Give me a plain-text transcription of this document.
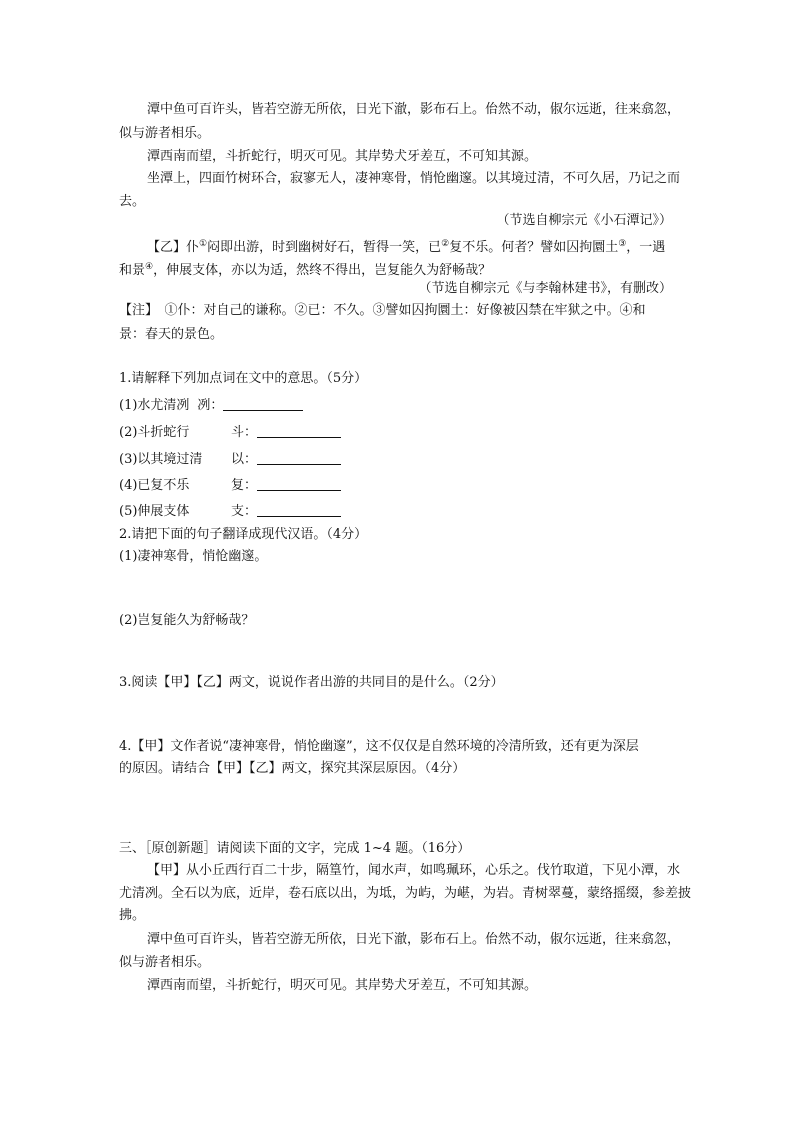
潭中鱼可百许头，皆若空游无所依，日光下澈，影布石上。佁然不动，俶尔远逝，往来翕忽，
似与游者相乐。
潭西南而望，斗折蛇行，明灭可见。其岸势犬牙差互，不可知其源。
坐潭上，四面竹树环合，寂寥无人，凄神寒骨，悄怆幽邃。以其境过清，不可久居，乃记之而
去。
（节选自柳宗元《小石潭记》）
【乙】仆①闷即出游，时到幽树好石，暂得一笑，已②复不乐。何者？譬如囚拘圜土③，一遇
和景④，伸展支体，亦以为适，然终不得出，岂复能久为舒畅哉？
（节选自柳宗元《与李翰林建书》，有删改）
【注】　①仆：对自己的谦称。②已：不久。③譬如囚拘圜土：好像被囚禁在牢狱之中。④和
景：春天的景色。
1.请解释下列加点词在文中的意思。（5分）
(1)水尤清冽 冽：
(2)斗折蛇行	斗：
(3)以其境过清 以：
(4)已复不乐	复：
(5)伸展支体	支：
2.请把下面的句子翻译成现代汉语。（4分）
(1)凄神寒骨，悄怆幽邃。
(2)岂复能久为舒畅哉？
3.阅读【甲】【乙】两文，说说作者出游的共同目的是什么。（2分）
4.【甲】文作者说“凄神寒骨，悄怆幽邃”，这不仅仅是自然环境的冷清所致，还有更为深层
的原因。请结合【甲】【乙】两文，探究其深层原因。（4分）
三、［原创新题］请阅读下面的文字，完成 1~4 题。（16分）
【甲】从小丘西行百二十步，隔篁竹，闻水声，如鸣珮环，心乐之。伐竹取道，下见小潭，水
尤清冽。全石以为底，近岸，卷石底以出，为坻，为屿，为嵁，为岩。青树翠蔓，蒙络摇缀，参差披
拂。
潭中鱼可百许头，皆若空游无所依，日光下澈，影布石上。佁然不动，俶尔远逝，往来翕忽，
似与游者相乐。
潭西南而望，斗折蛇行，明灭可见。其岸势犬牙差互，不可知其源。
